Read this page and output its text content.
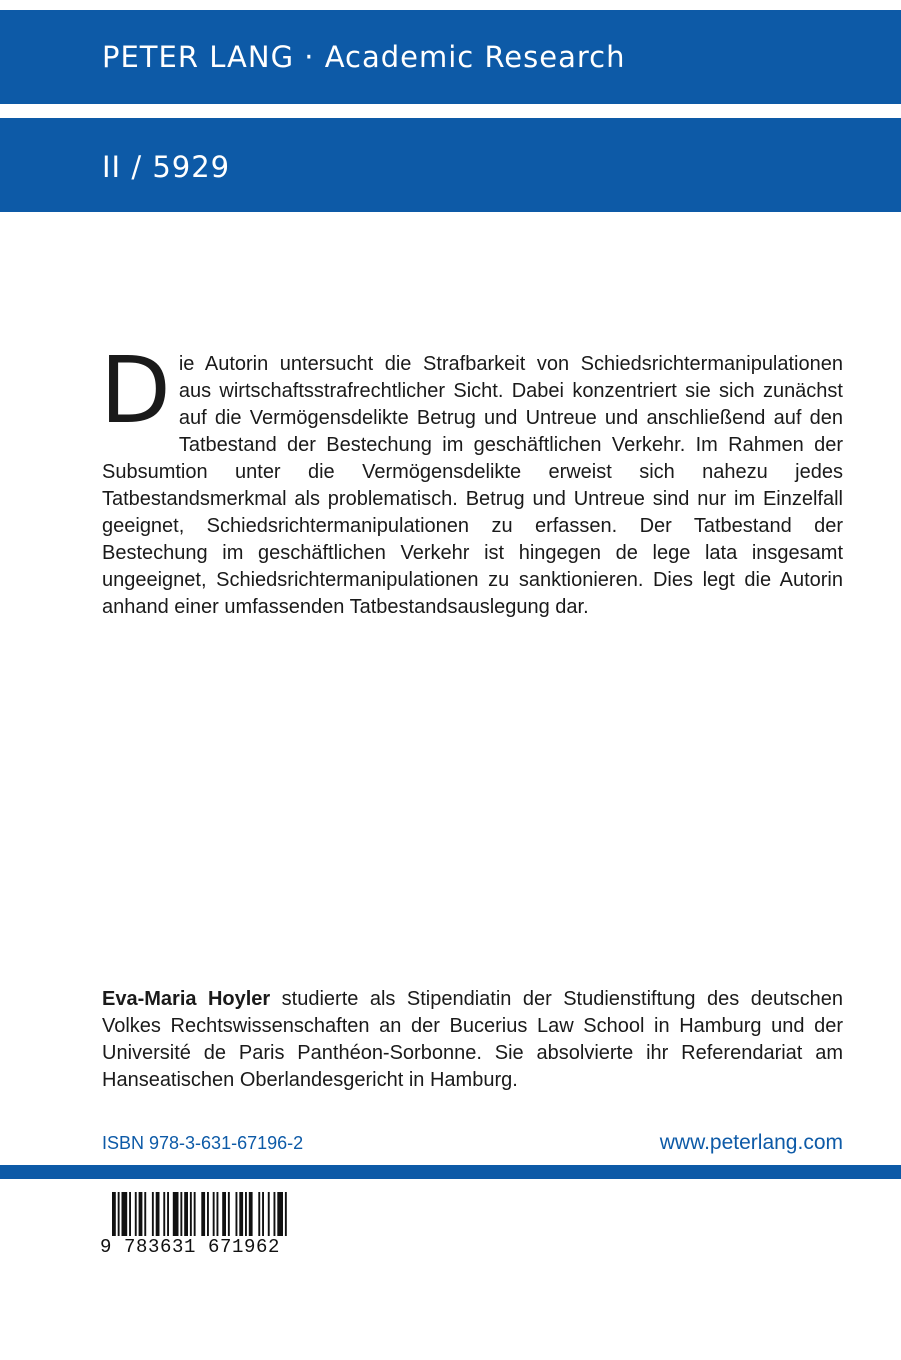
PETER LANG · Academic Research
II / 5929
D ie Autorin untersucht die Strafbarkeit von Schiedsrichtermanipulationen aus wirtschaftsstrafrechtlicher Sicht. Dabei konzentriert sie sich zunächst auf die Vermögensdelikte Betrug und Untreue und anschließend auf den Tatbestand der Bestechung im geschäftlichen Verkehr. Im Rahmen der Subsumtion unter die Vermögensdelikte erweist sich nahezu jedes Tatbestandsmerkmal als problematisch. Betrug und Untreue sind nur im Einzelfall geeignet, Schiedsrichtermanipulationen zu erfassen. Der Tatbestand der Bestechung im geschäftlichen Verkehr ist hingegen de lege lata insgesamt ungeeignet, Schiedsrichtermanipulationen zu sanktionieren. Dies legt die Autorin anhand einer umfassenden Tatbestandsauslegung dar.

Eva-Maria Hoyler studierte als Stipendiatin der Studienstiftung des deutschen Volkes Rechtswissenschaften an der Bucerius Law School in Hamburg und der Université de Paris Panthéon-Sorbonne. Sie absolvierte ihr Referendariat am Hanseatischen Oberlandesgericht in Hamburg.

ISBN 978-3-631-67196-2	www.peterlang.com
9 783631 671962
